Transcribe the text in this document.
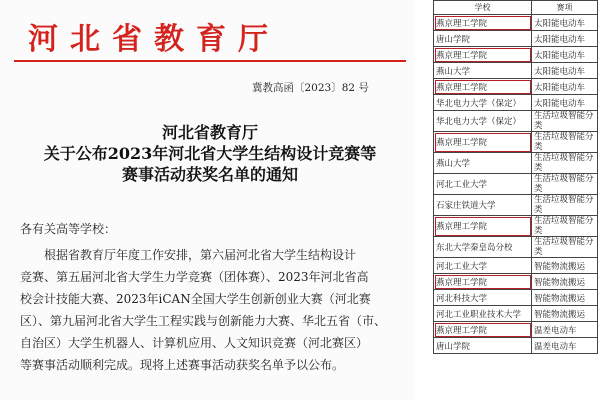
河北省教育厅
冀教高函〔2023〕82 号
河北省教育厅
关于公布2023年河北省大学生结构设计竞赛等
赛事活动获奖名单的通知
各有关高等学校：
根据省教育厅年度工作安排，第六届河北省大学生结构设计
竞赛、第五届河北省大学生力学竞赛（团体赛）、2023年河北省高
校会计技能大赛、2023年iCAN全国大学生创新创业大赛（河北赛
区）、第九届河北省大学生工程实践与创新能力大赛、华北五省（市、
自治区）大学生机器人、计算机应用、人文知识竞赛（河北赛区）
等赛事活动顺利完成。现将上述赛事活动获奖名单予以公布。
学校	赛项
燕京理工学院	太阳能电动车
唐山学院	太阳能电动车
燕京理工学院	太阳能电动车
燕山大学	太阳能电动车
燕京理工学院	太阳能电动车
华北电力大学（保定）	太阳能电动车
华北电力大学（保定）	生活垃圾智能分类
燕京理工学院	生活垃圾智能分类
燕山大学	生活垃圾智能分类
河北工业大学	生活垃圾智能分类
石家庄铁道大学	生活垃圾智能分类
燕京理工学院	生活垃圾智能分类
东北大学秦皇岛分校	生活垃圾智能分类
河北工业大学	智能物流搬运
燕京理工学院	智能物流搬运
河北科技大学	智能物流搬运
河北工业职业技术大学	智能物流搬运
燕京理工学院	温差电动车
唐山学院	温差电动车
